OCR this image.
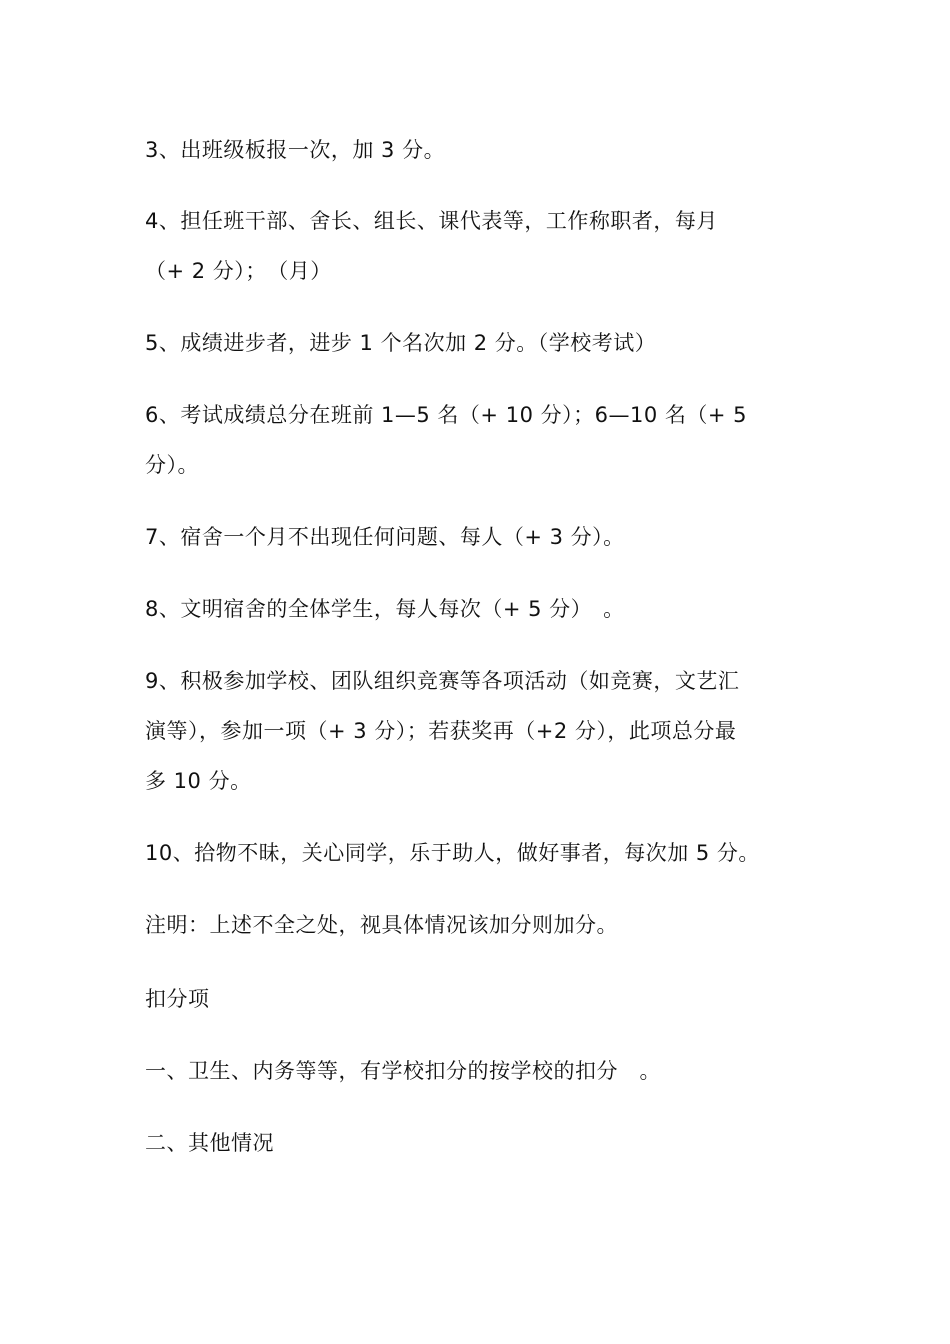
3、出班级板报一次，加 3 分。

4、担任班干部、舍长、组长、课代表等，工作称职者，每月
（+ 2 分）；　（月）

5、成绩进步者，进步 1 个名次加 2 分。（学校考试）

6、考试成绩总分在班前 1—5 名（+ 10 分）；6—10 名（+ 5
分）。

7、宿舍一个月不出现任何问题、每人（+ 3 分）。

8、文明宿舍的全体学生，每人每次（+ 5 分）　。

9、积极参加学校、团队组织竞赛等各项活动（如竞赛，文艺汇
演等），参加一项（+ 3 分）；若获奖再（+2 分），此项总分最
多 10 分。

10、拾物不昧，关心同学，乐于助人，做好事者，每次加 5 分。

注明：上述不全之处，视具体情况该加分则加分。

扣分项

一、卫生、内务等等，有学校扣分的按学校的扣分　。

二、其他情况
